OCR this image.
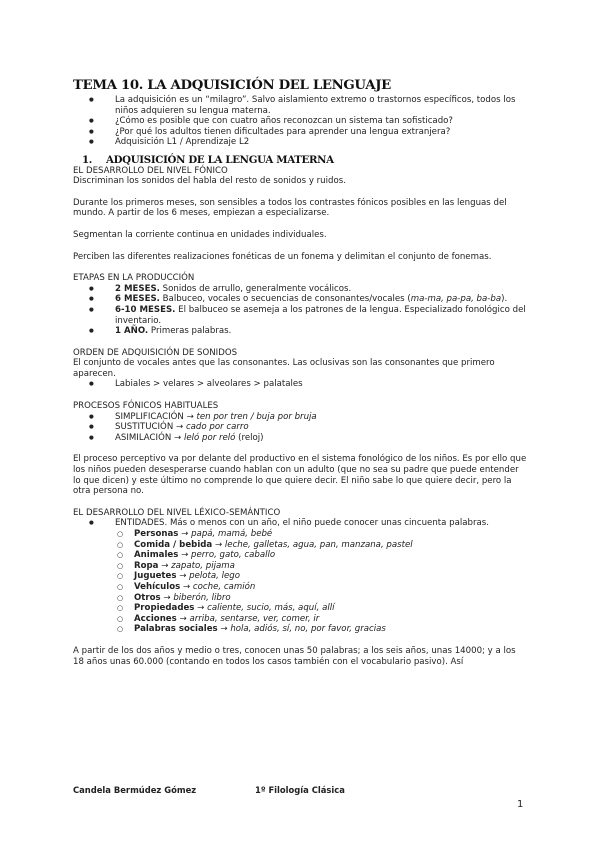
TEMA 10. LA ADQUISICIÓN DEL LENGUAJE
● La adquisición es un “milagro”. Salvo aislamiento extremo o trastornos específicos, todos los niños adquieren su lengua materna.
● ¿Cómo es posible que con cuatro años reconozcan un sistema tan sofisticado?
● ¿Por qué los adultos tienen dificultades para aprender una lengua extranjera?
● Adquisición L1 / Aprendizaje L2
1. ADQUISICIÓN DE LA LENGUA MATERNA
EL DESARROLLO DEL NIVEL FÓNICO
Discriminan los sonidos del habla del resto de sonidos y ruidos.
Durante los primeros meses, son sensibles a todos los contrastes fónicos posibles en las lenguas del mundo. A partir de los 6 meses, empiezan a especializarse.
Segmentan la corriente continua en unidades individuales.
Perciben las diferentes realizaciones fonéticas de un fonema y delimitan el conjunto de fonemas.
ETAPAS EN LA PRODUCCIÓN
● 2 MESES. Sonidos de arrullo, generalmente vocálicos.
● 6 MESES. Balbuceo, vocales o secuencias de consonantes/vocales (ma-ma, pa-pa, ba-ba).
● 6-10 MESES. El balbuceo se asemeja a los patrones de la lengua. Especializado fonológico del inventario.
● 1 AÑO. Primeras palabras.
ORDEN DE ADQUISICIÓN DE SONIDOS
El conjunto de vocales antes que las consonantes. Las oclusivas son las consonantes que primero aparecen.
● Labiales > velares > alveolares > palatales
PROCESOS FÓNICOS HABITUALES
● SIMPLIFICACIÓN → ten por tren / buja por bruja
● SUSTITUCIÓN → cado por carro
● ASIMILACIÓN → leló por reló (reloj)
El proceso perceptivo va por delante del productivo en el sistema fonológico de los niños. Es por ello que los niños pueden desesperarse cuando hablan con un adulto (que no sea su padre que puede entender lo que dicen) y este último no comprende lo que quiere decir. El niño sabe lo que quiere decir, pero la otra persona no.
EL DESARROLLO DEL NIVEL LÉXICO-SEMÁNTICO
● ENTIDADES. Más o menos con un año, el niño puede conocer unas cincuenta palabras.
○ Personas → papá, mamá, bebé
○ Comida / bebida → leche, galletas, agua, pan, manzana, pastel
○ Animales → perro, gato, caballo
○ Ropa → zapato, pijama
○ Juguetes → pelota, lego
○ Vehículos → coche, camión
○ Otros → biberón, libro
○ Propiedades → caliente, sucio, más, aquí, allí
○ Acciones → arriba, sentarse, ver, comer, ir
○ Palabras sociales → hola, adiós, sí, no, por favor, gracias
A partir de los dos años y medio o tres, conocen unas 50 palabras; a los seis años, unas 14000; y a los 18 años unas 60.000 (contando en todos los casos también con el vocabulario pasivo). Así
Candela Bermúdez Gómez	1º Filología Clásica
1
